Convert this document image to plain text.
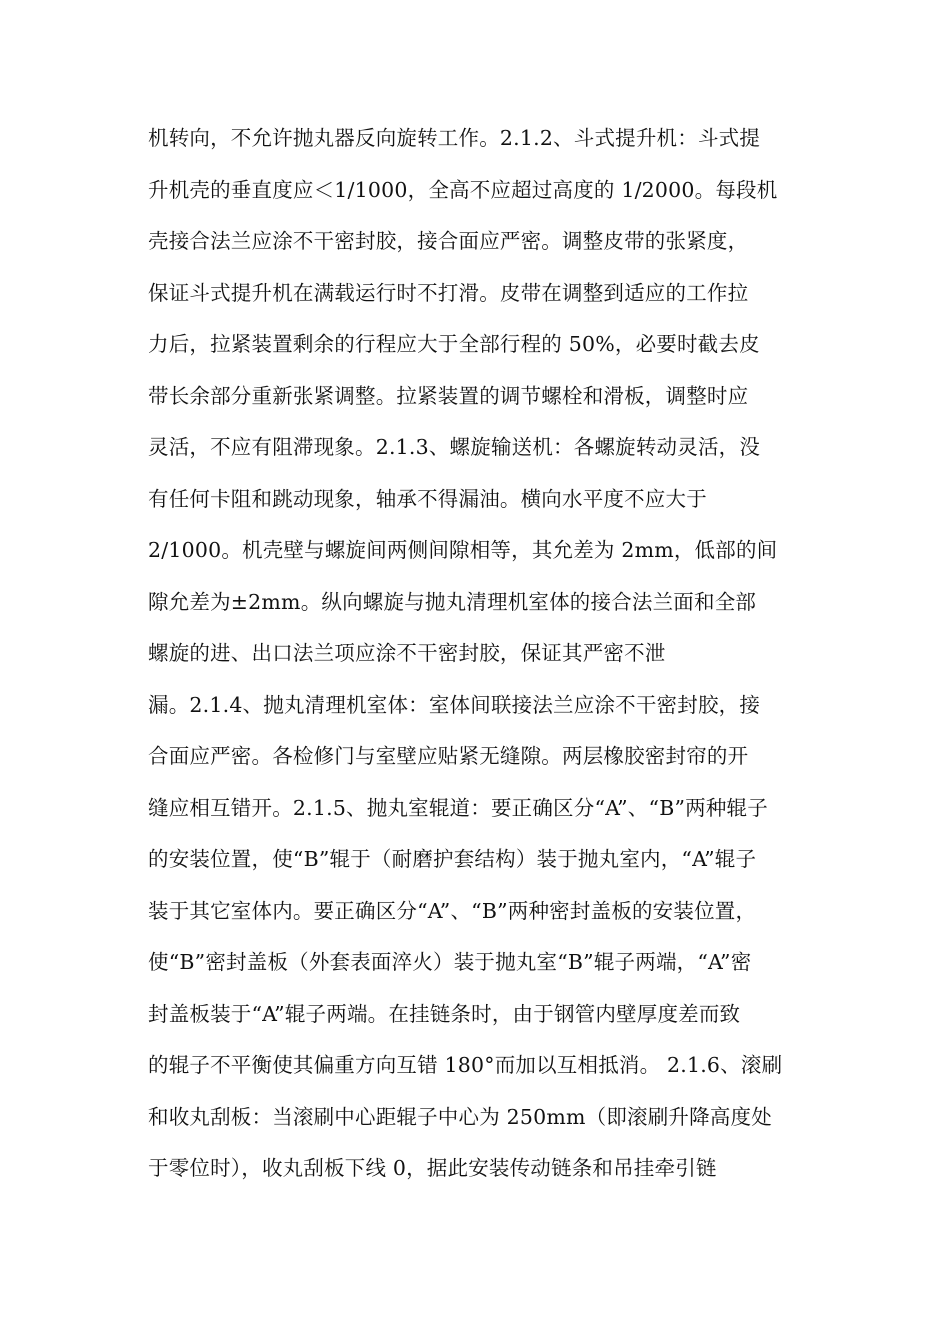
机转向，不允许抛丸器反向旋转工作。2.1.2、斗式提升机：斗式提
升机壳的垂直度应＜1/1000，全高不应超过高度的 1/2000。每段机
壳接合法兰应涂不干密封胶，接合面应严密。调整皮带的张紧度，
保证斗式提升机在满载运行时不打滑。皮带在调整到适应的工作拉
力后，拉紧装置剩余的行程应大于全部行程的 50%，必要时截去皮
带长余部分重新张紧调整。拉紧装置的调节螺栓和滑板，调整时应
灵活，不应有阻滞现象。2.1.3、螺旋输送机：各螺旋转动灵活，没
有任何卡阻和跳动现象，轴承不得漏油。横向水平度不应大于
2/1000。机壳壁与螺旋间两侧间隙相等，其允差为 2mm，低部的间
隙允差为±2mm。纵向螺旋与抛丸清理机室体的接合法兰面和全部
螺旋的进、出口法兰项应涂不干密封胶，保证其严密不泄
漏。2.1.4、抛丸清理机室体：室体间联接法兰应涂不干密封胶，接
合面应严密。各检修门与室壁应贴紧无缝隙。两层橡胶密封帘的开
缝应相互错开。2.1.5、抛丸室辊道：要正确区分“A”、“B”两种辊子
的安装位置，使“B”辊于（耐磨护套结构）装于抛丸室内，“A”辊子
装于其它室体内。要正确区分“A”、“B”两种密封盖板的安装位置，
使“B”密封盖板（外套表面淬火）装于抛丸室“B”辊子两端，“A”密
封盖板装于“A”辊子两端。在挂链条时，由于钢管内壁厚度差而致
的辊子不平衡使其偏重方向互错 180°而加以互相抵消。 2.1.6、滚刷
和收丸刮板：当滚刷中心距辊子中心为 250mm（即滚刷升降高度处
于零位时），收丸刮板下线 0，据此安装传动链条和吊挂牵引链
